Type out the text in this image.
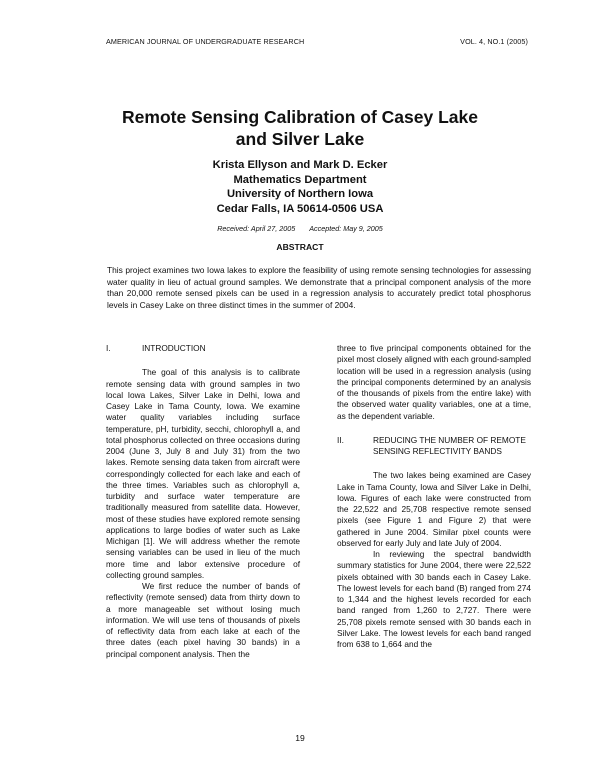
AMERICAN JOURNAL OF UNDERGRADUATE RESEARCH	VOL. 4, NO.1 (2005)
Remote Sensing Calibration of Casey Lake
and Silver Lake
Krista Ellyson and Mark D. Ecker
Mathematics Department
University of Northern Iowa
Cedar Falls, IA 50614-0506 USA
Received: April 27, 2005 Accepted: May 9, 2005
ABSTRACT

This project examines two Iowa lakes to explore the feasibility of using remote sensing technologies for assessing water quality in lieu of actual ground samples. We demonstrate that a principal component analysis of the more than 20,000 remote sensed pixels can be used in a regression analysis to accurately predict total phosphorus levels in Casey Lake on three distinct times in the summer of 2004.

I.	INTRODUCTION

The goal of this analysis is to calibrate remote sensing data with ground samples in two local Iowa Lakes, Silver Lake in Delhi, Iowa and Casey Lake in Tama County, Iowa. We examine water quality variables including surface temperature, pH, turbidity, secchi, chlorophyll a, and total phosphorus collected on three occasions during 2004 (June 3, July 8 and July 31) from the two lakes. Remote sensing data taken from aircraft were correspondingly collected for each lake and each of the three times. Variables such as chlorophyll a, turbidity and surface water temperature are traditionally measured from satellite data. However, most of these studies have explored remote sensing applications to large bodies of water such as Lake Michigan [1]. We will address whether the remote sensing variables can be used in lieu of the much more time and labor extensive procedure of collecting ground samples.

We first reduce the number of bands of reflectivity (remote sensed) data from thirty down to a more manageable set without losing much information. We will use tens of thousands of pixels of reflectivity data from each lake at each of the three dates (each pixel having 30 bands) in a principal component analysis. Then the

three to five principal components obtained for the pixel most closely aligned with each ground-sampled location will be used in a regression analysis (using the principal components determined by an analysis of the thousands of pixels from the entire lake) with the observed water quality variables, one at a time, as the dependent variable.

II.	REDUCING THE NUMBER OF REMOTE SENSING REFLECTIVITY BANDS

The two lakes being examined are Casey Lake in Tama County, Iowa and Silver Lake in Delhi, Iowa. Figures of each lake were constructed from the 22,522 and 25,708 respective remote sensed pixels (see Figure 1 and Figure 2) that were gathered in June 2004. Similar pixel counts were observed for early July and late July of 2004.

In reviewing the spectral bandwidth summary statistics for June 2004, there were 22,522 pixels obtained with 30 bands each in Casey Lake. The lowest levels for each band (B) ranged from 274 to 1,344 and the highest levels recorded for each band ranged from 1,260 to 2,727. There were 25,708 pixels remote sensed with 30 bands each in Silver Lake. The lowest levels for each band ranged from 638 to 1,664 and the

19
